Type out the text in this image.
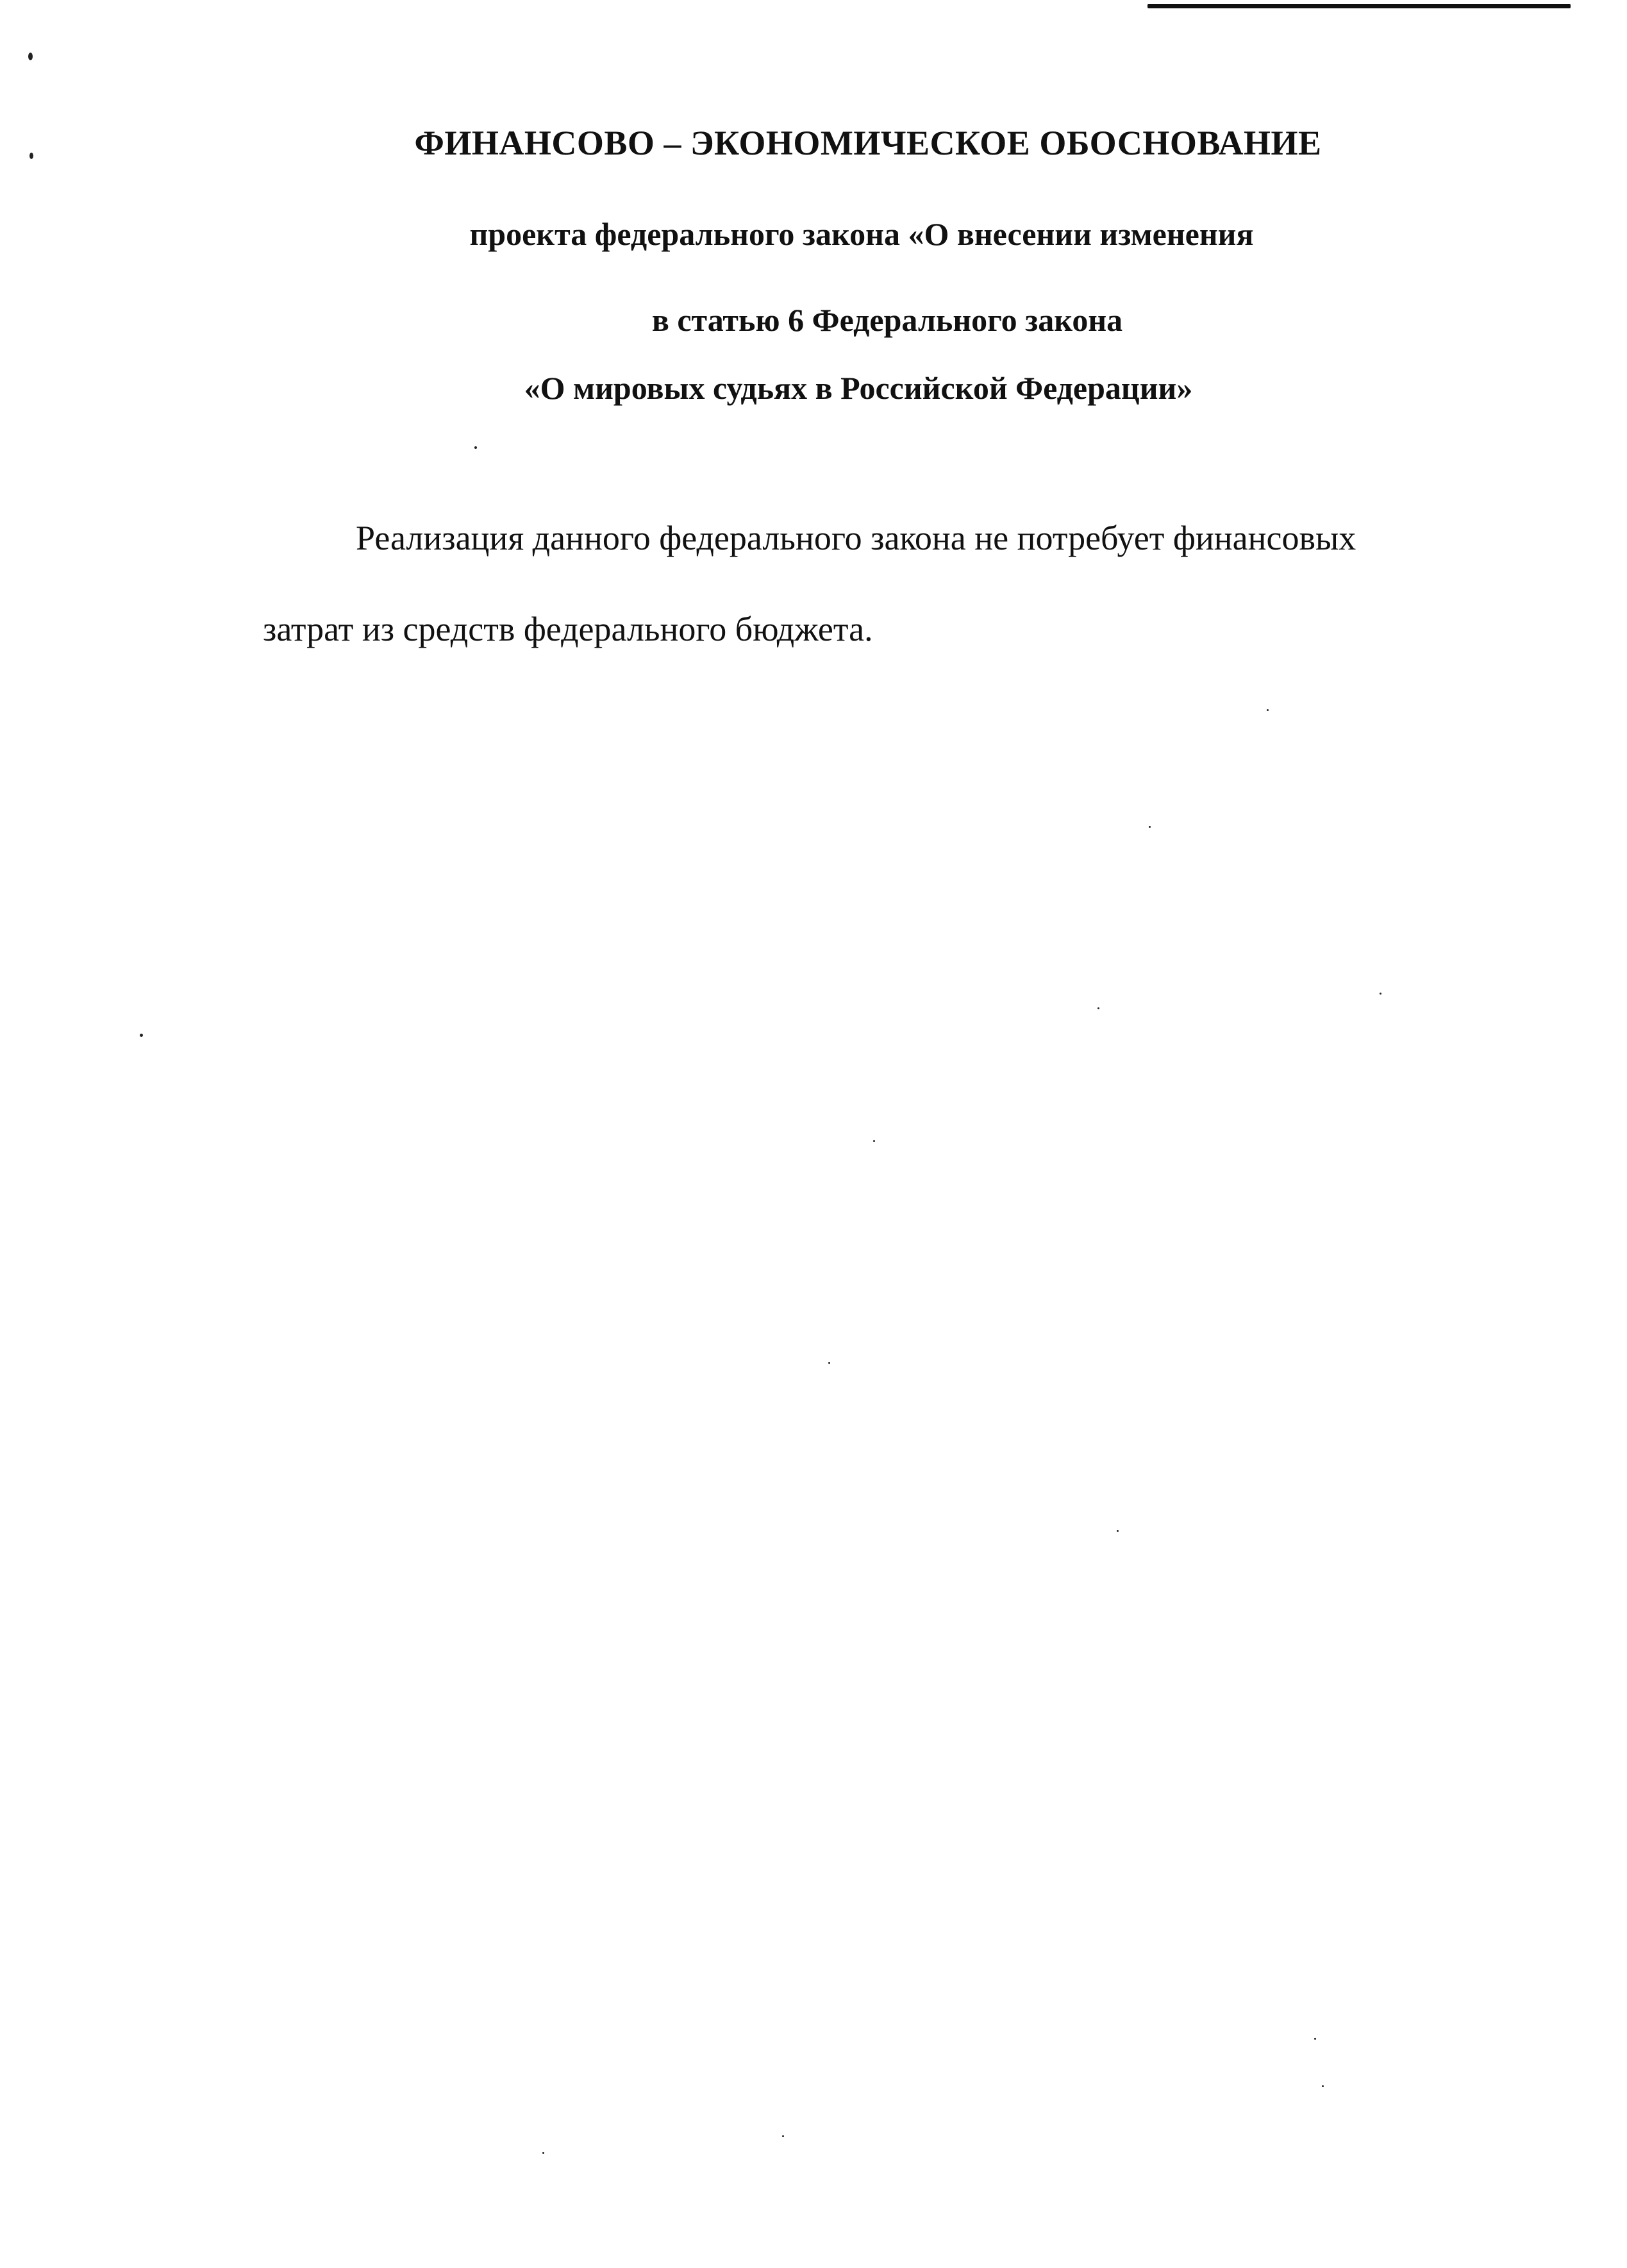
ФИНАНСОВО – ЭКОНОМИЧЕСКОЕ ОБОСНОВАНИЕ
проекта федерального закона «О внесении изменения
в статью 6 Федерального закона
«О мировых судьях в Российской Федерации»
Реализация данного федерального закона не потребует финансовых
затрат из средств федерального бюджета.
